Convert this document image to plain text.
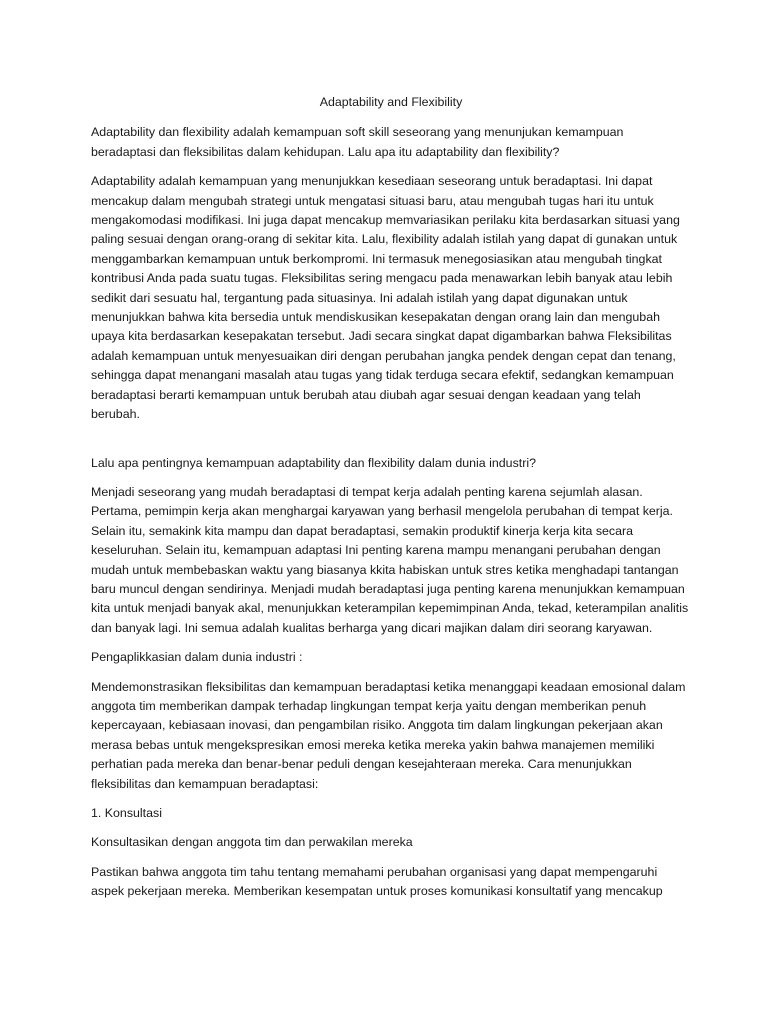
Adaptability and Flexibility

Adaptability dan flexibility adalah kemampuan soft skill seseorang yang menunjukan kemampuan beradaptasi dan fleksibilitas dalam kehidupan. Lalu apa itu adaptability dan flexibility?

Adaptability adalah kemampuan yang menunjukkan kesediaan seseorang untuk beradaptasi. Ini dapat mencakup dalam mengubah strategi untuk mengatasi situasi baru, atau mengubah tugas hari itu untuk mengakomodasi modifikasi. Ini juga dapat mencakup memvariasikan perilaku kita berdasarkan situasi yang paling sesuai dengan orang-orang di sekitar kita. Lalu, flexibility adalah istilah yang dapat di gunakan untuk menggambarkan kemampuan untuk berkompromi. Ini termasuk menegosiasikan atau mengubah tingkat kontribusi Anda pada suatu tugas. Fleksibilitas sering mengacu pada menawarkan lebih banyak atau lebih sedikit dari sesuatu hal, tergantung pada situasinya. Ini adalah istilah yang dapat digunakan untuk menunjukkan bahwa kita bersedia untuk mendiskusikan kesepakatan dengan orang lain dan mengubah upaya kita berdasarkan kesepakatan tersebut. Jadi secara singkat dapat digambarkan bahwa Fleksibilitas adalah kemampuan untuk menyesuaikan diri dengan perubahan jangka pendek dengan cepat dan tenang, sehingga dapat menangani masalah atau tugas yang tidak terduga secara efektif, sedangkan kemampuan beradaptasi berarti kemampuan untuk berubah atau diubah agar sesuai dengan keadaan yang telah berubah.

Lalu apa pentingnya kemampuan adaptability dan flexibility dalam dunia industri?

Menjadi seseorang yang mudah beradaptasi di tempat kerja adalah penting karena sejumlah alasan. Pertama, pemimpin kerja akan menghargai karyawan yang berhasil mengelola perubahan di tempat kerja. Selain itu, semakink kita mampu dan dapat beradaptasi, semakin produktif kinerja kerja kita secara keseluruhan. Selain itu, kemampuan adaptasi Ini penting karena mampu menangani perubahan dengan mudah untuk membebaskan waktu yang biasanya kkita habiskan untuk stres ketika menghadapi tantangan baru muncul dengan sendirinya. Menjadi mudah beradaptasi juga penting karena menunjukkan kemampuan kita untuk menjadi banyak akal, menunjukkan keterampilan kepemimpinan Anda, tekad, keterampilan analitis dan banyak lagi. Ini semua adalah kualitas berharga yang dicari majikan dalam diri seorang karyawan.

Pengaplikkasian dalam dunia industri :

Mendemonstrasikan fleksibilitas dan kemampuan beradaptasi ketika menanggapi keadaan emosional dalam anggota tim memberikan dampak terhadap lingkungan tempat kerja yaitu dengan memberikan penuh kepercayaan, kebiasaan inovasi, dan pengambilan risiko. Anggota tim dalam lingkungan pekerjaan akan merasa bebas untuk mengekspresikan emosi mereka ketika mereka yakin bahwa manajemen memiliki perhatian pada mereka dan benar-benar peduli dengan kesejahteraan mereka. Cara menunjukkan fleksibilitas dan kemampuan beradaptasi:

1. Konsultasi

Konsultasikan dengan anggota tim dan perwakilan mereka

Pastikan bahwa anggota tim tahu tentang memahami perubahan organisasi yang dapat mempengaruhi aspek pekerjaan mereka. Memberikan kesempatan untuk proses komunikasi konsultatif yang mencakup
